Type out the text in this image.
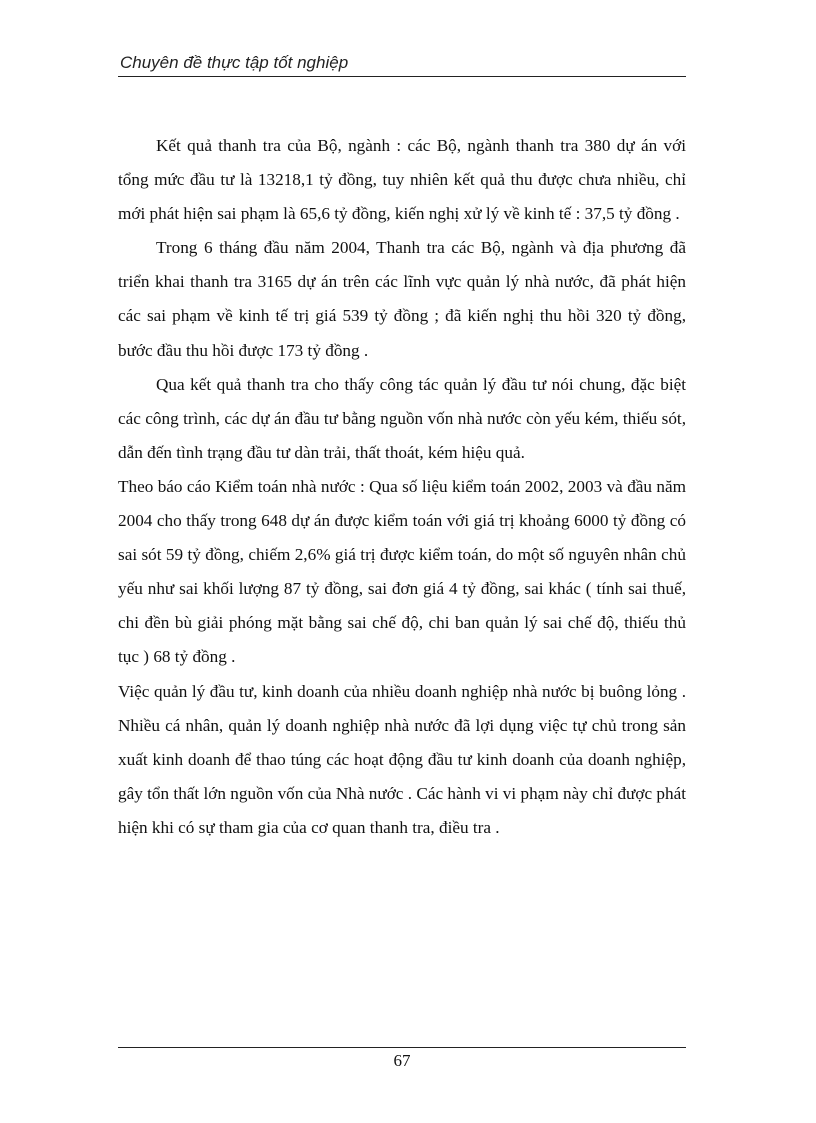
Chuyên đề thực tập tốt nghiệp

Kết quả thanh tra của Bộ, ngành : các Bộ, ngành thanh tra 380 dự án với tổng mức đầu tư là 13218,1 tỷ đồng, tuy nhiên kết quả thu được chưa nhiều, chỉ mới phát hiện sai phạm là 65,6 tỷ đồng, kiến nghị xử lý về kinh tế : 37,5 tỷ đồng .

Trong 6 tháng đầu năm 2004, Thanh tra các Bộ, ngành và địa phương đã triển khai thanh tra 3165 dự án trên các lĩnh vực quản lý nhà nước, đã phát hiện các sai phạm về kinh tế trị giá 539 tỷ đồng ; đã kiến nghị thu hồi 320 tỷ đồng, bước đầu thu hồi được 173 tỷ đồng .

Qua kết quả thanh tra cho thấy công tác quản lý đầu tư nói chung, đặc biệt các công trình, các dự án đầu tư bằng nguồn vốn nhà nước còn yếu kém, thiếu sót, dẫn đến tình trạng đầu tư dàn trải, thất thoát, kém hiệu quả.

Theo báo cáo Kiểm toán nhà nước : Qua số liệu kiểm toán 2002, 2003 và đầu năm 2004 cho thấy trong 648 dự án được kiểm toán với giá trị khoảng 6000 tỷ đồng có sai sót 59 tỷ đồng, chiếm 2,6% giá trị được kiểm toán, do một số nguyên nhân chủ yếu như sai khối lượng 87 tỷ đồng, sai đơn giá 4 tỷ đồng, sai khác ( tính sai thuế, chi đền bù giải phóng mặt bằng sai chế độ, chi ban quản lý sai chế độ, thiếu thủ tục ) 68 tỷ đồng .

Việc quản lý đầu tư, kinh doanh của nhiều doanh nghiệp nhà nước bị buông lỏng . Nhiều cá nhân, quản lý doanh nghiệp nhà nước đã lợi dụng việc tự chủ trong sản xuất kinh doanh để thao túng các hoạt động đầu tư kinh doanh của doanh nghiệp, gây tổn thất lớn nguồn vốn của Nhà nước . Các hành vi vi phạm này chỉ được phát hiện khi có sự tham gia của cơ quan thanh tra, điều tra .

67
